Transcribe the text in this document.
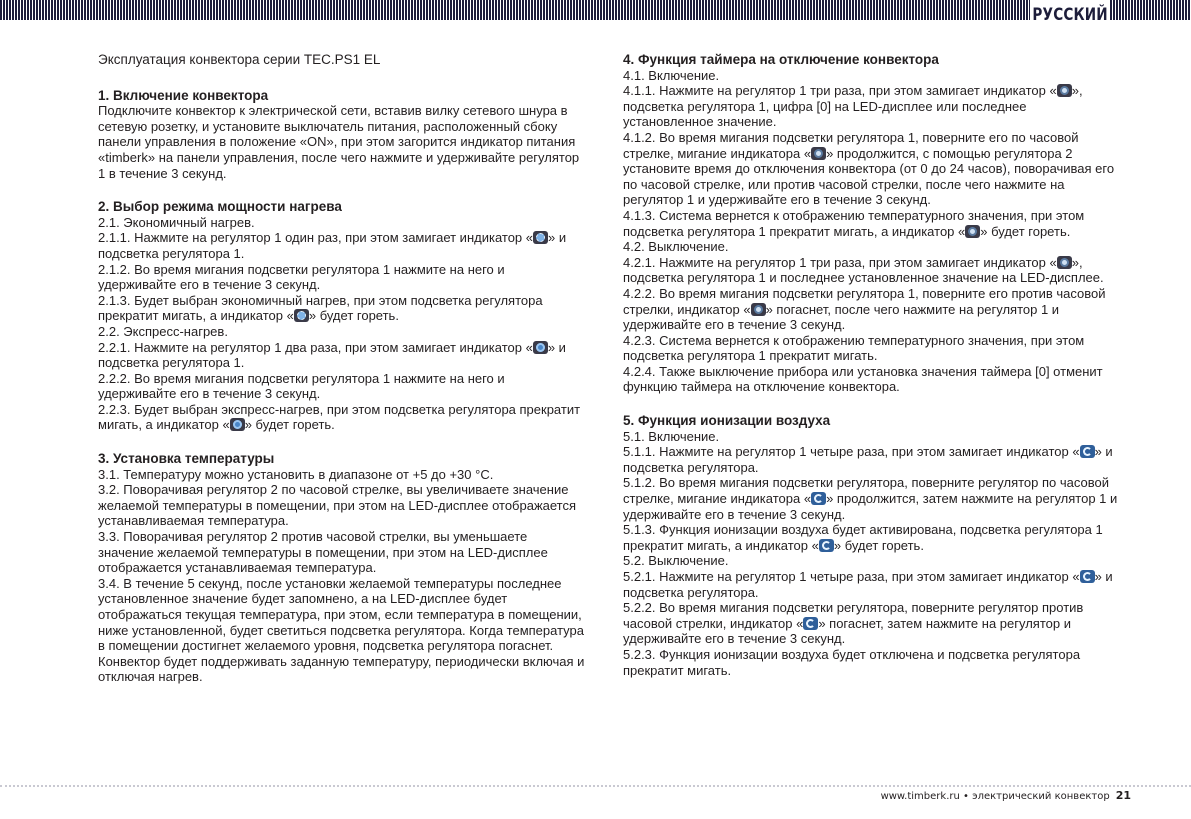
РУССКИЙ

Эксплуатация конвектора серии TEC.PS1 EL

1. Включение конвектора

Подключите конвектор к электрической сети, вставив вилку сетевого шнура в сетевую розетку, и установите выключатель питания, расположенный сбоку панели управления в положение «ON», при этом загорится индикатор питания «timberk» на панели управления, после чего нажмите и удерживайте регулятор 1 в течение 3 секунд.

2. Выбор режима мощности нагрева

2.1. Экономичный нагрев.

2.1.1. Нажмите на регулятор 1 один раз, при этом замигает индикатор « » и подсветка регулятора 1.

2.1.2. Во время мигания подсветки регулятора 1 нажмите на него и удерживайте его в течение 3 секунд.

2.1.3. Будет выбран экономичный нагрев, при этом подсветка регулятора прекратит мигать, а индикатор « » будет гореть.

2.2. Экспресс-нагрев.

2.2.1. Нажмите на регулятор 1 два раза, при этом замигает индикатор « » и подсветка регулятора 1.

2.2.2. Во время мигания подсветки регулятора 1 нажмите на него и удерживайте его в течение 3 секунд.

2.2.3. Будет выбран экспресс-нагрев, при этом подсветка регулятора прекратит мигать, а индикатор « » будет гореть.

3. Установка температуры

3.1. Температуру можно установить в диапазоне от +5 до +30 °С.

3.2. Поворачивая регулятор 2 по часовой стрелке, вы увеличиваете значение желаемой температуры в помещении, при этом на LED-дисплее отображается устанавливаемая температура.

3.3. Поворачивая регулятор 2 против часовой стрелки, вы уменьшаете значение желаемой температуры в помещении, при этом на LED-дисплее отображается устанавливаемая температура.

3.4. В течение 5 секунд, после установки желаемой температуры последнее установленное значение будет запомнено, а на LED-дисплее будет отображаться текущая температура, при этом, если температура в помещении, ниже установленной, будет светиться подсветка регулятора. Когда температура в помещении достигнет желаемого уровня, подсветка регулятора погаснет. Конвектор будет поддерживать заданную температуру, периодически включая и отключая нагрев.

4. Функция таймера на отключение конвектора

4.1. Включение.

4.1.1. Нажмите на регулятор 1 три раза, при этом замигает индикатор « », подсветка регулятора 1, цифра [0] на LED-дисплее или последнее установленное значение.

4.1.2. Во время мигания подсветки регулятора 1, поверните его по часовой стрелке, мигание индикатора « » продолжится, с помощью регулятора 2 установите время до отключения конвектора (от 0 до 24 часов), поворачивая его по часовой стрелке, или против часовой стрелки, после чего нажмите на регулятор 1 и удерживайте его в течение 3 секунд.

4.1.3. Система вернется к отображению температурного значения, при этом подсветка регулятора 1 прекратит мигать, а индикатор « » будет гореть.

4.2. Выключение.

4.2.1. Нажмите на регулятор 1 три раза, при этом замигает индикатор « », подсветка регулятора 1 и последнее установленное значение на LED-дисплее.

4.2.2. Во время мигания подсветки регулятора 1, поверните его против часовой стрелки, индикатор « » погаснет, после чего нажмите на регулятор 1 и удерживайте его в течение 3 секунд.

4.2.3. Система вернется к отображению температурного значения, при этом подсветка регулятора 1 прекратит мигать.

4.2.4. Также выключение прибора или установка значения таймера [0] отменит функцию таймера на отключение конвектора.

5. Функция ионизации воздуха

5.1. Включение.

5.1.1. Нажмите на регулятор 1 четыре раза, при этом замигает индикатор « » и подсветка регулятора.

5.1.2. Во время мигания подсветки регулятора, поверните регулятор по часовой стрелке, мигание индикатора « » продолжится, затем нажмите на регулятор 1 и удерживайте его в течение 3 секунд.

5.1.3. Функция ионизации воздуха будет активирована, подсветка регулятора 1 прекратит мигать, а индикатор « » будет гореть.

5.2. Выключение.

5.2.1. Нажмите на регулятор 1 четыре раза, при этом замигает индикатор « » и подсветка регулятора.

5.2.2. Во время мигания подсветки регулятора, поверните регулятор против часовой стрелки, индикатор « » погаснет, затем нажмите на регулятор и удерживайте его в течение 3 секунд.

5.2.3. Функция ионизации воздуха будет отключена и подсветка регулятора прекратит мигать.

www.timberk.ru • электрический конвектор 21
